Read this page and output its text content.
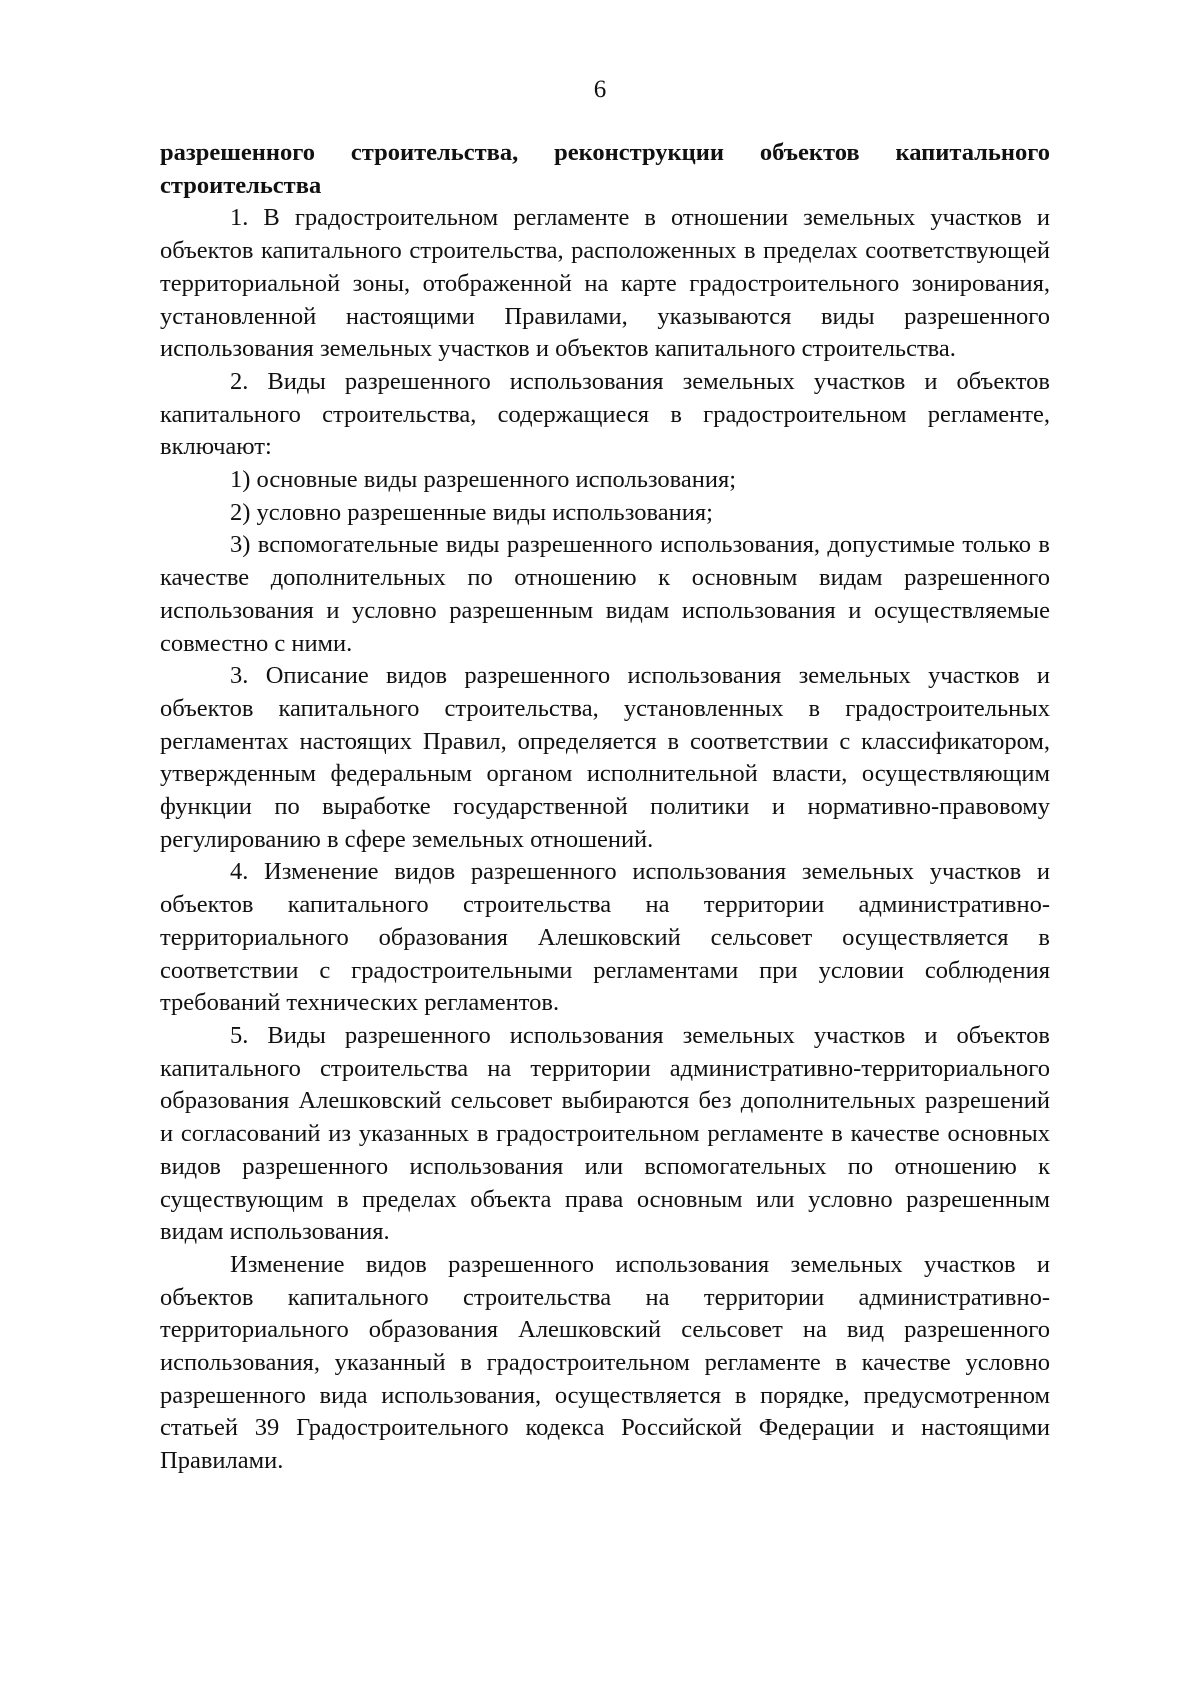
6

разрешенного строительства, реконструкции объектов капитального строительства

1. В градостроительном регламенте в отношении земельных участков и объектов капитального строительства, расположенных в пределах соответствующей территориальной зоны, отображенной на карте градостроительного зонирования, установленной настоящими Правилами, указываются виды разрешенного использования земельных участков и объектов капитального строительства.

2. Виды разрешенного использования земельных участков и объектов капитального строительства, содержащиеся в градостроительном регламенте, включают:

1) основные виды разрешенного использования;

2) условно разрешенные виды использования;

3) вспомогательные виды разрешенного использования, допустимые только в качестве дополнительных по отношению к основным видам разрешенного использования и условно разрешенным видам использования и осуществляемые совместно с ними.

3. Описание видов разрешенного использования земельных участков и объектов капитального строительства, установленных в градостроительных регламентах настоящих Правил, определяется в соответствии с классификатором, утвержденным федеральным органом исполнительной власти, осуществляющим функции по выработке государственной политики и нормативно-правовому регулированию в сфере земельных отношений.

4. Изменение видов разрешенного использования земельных участков и объектов капитального строительства на территории административно-территориального образования Алешковский сельсовет осуществляется в соответствии с градостроительными регламентами при условии соблюдения требований технических регламентов.

5. Виды разрешенного использования земельных участков и объектов капитального строительства на территории административно-территориального образования Алешковский сельсовет выбираются без дополнительных разрешений и согласований из указанных в градостроительном регламенте в качестве основных видов разрешенного использования или вспомогательных по отношению к существующим в пределах объекта права основным или условно разрешенным видам использования.

Изменение видов разрешенного использования земельных участков и объектов капитального строительства на территории административно-территориального образования Алешковский сельсовет на вид разрешенного использования, указанный в градостроительном регламенте в качестве условно разрешенного вида использования, осуществляется в порядке, предусмотренном статьей 39 Градостроительного кодекса Российской Федерации и настоящими Правилами.
